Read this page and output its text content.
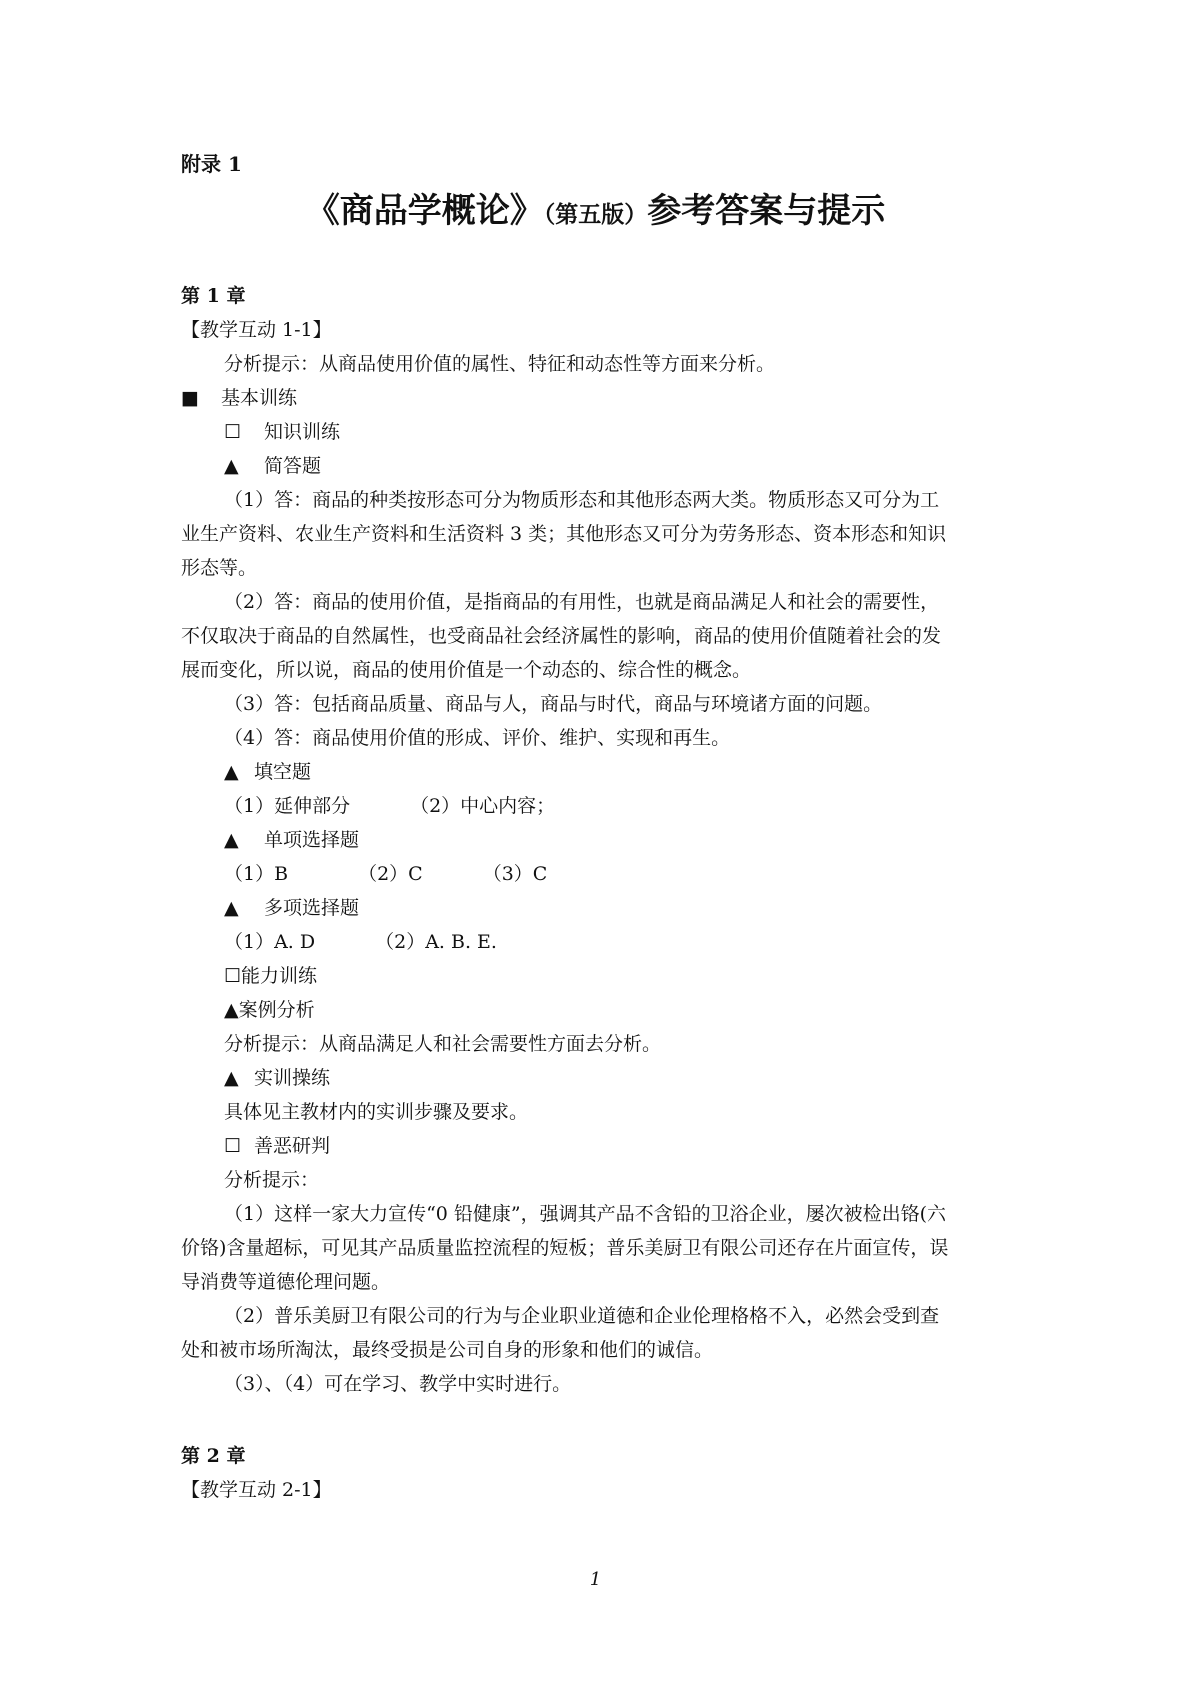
附录 1
《商品学概论》（第五版）参考答案与提示
第 1 章
【教学互动 1-1】
分析提示：从商品使用价值的属性、特征和动态性等方面来分析。
■ 基本训练
☐ 知识训练
▲ 简答题
（1）答：商品的种类按形态可分为物质形态和其他形态两大类。物质形态又可分为工
业生产资料、农业生产资料和生活资料 3 类；其他形态又可分为劳务形态、资本形态和知识
形态等。
（2）答：商品的使用价值，是指商品的有用性，也就是商品满足人和社会的需要性，
不仅取决于商品的自然属性，也受商品社会经济属性的影响，商品的使用价值随着社会的发
展而变化，所以说，商品的使用价值是一个动态的、综合性的概念。
（3）答：包括商品质量、商品与人，商品与时代，商品与环境诸方面的问题。
（4）答：商品使用价值的形成、评价、维护、实现和再生。
▲ 填空题
（1）延伸部分	（2）中心内容；
▲ 单项选择题
（1）B	（2）C	（3）C
▲ 多项选择题
（1）A. D	（2）A. B. E.
☐能力训练
▲案例分析
分析提示：从商品满足人和社会需要性方面去分析。
▲ 实训操练
具体见主教材内的实训步骤及要求。
☐ 善恶研判
分析提示：
（1）这样一家大力宣传“0 铅健康”，强调其产品不含铅的卫浴企业，屡次被检出铬(六
价铬)含量超标，可见其产品质量监控流程的短板；普乐美厨卫有限公司还存在片面宣传，误
导消费等道德伦理问题。
（2）普乐美厨卫有限公司的行为与企业职业道德和企业伦理格格不入，必然会受到查
处和被市场所淘汰，最终受损是公司自身的形象和他们的诚信。
（3）、（4）可在学习、教学中实时进行。
第 2 章
【教学互动 2-1】
1
